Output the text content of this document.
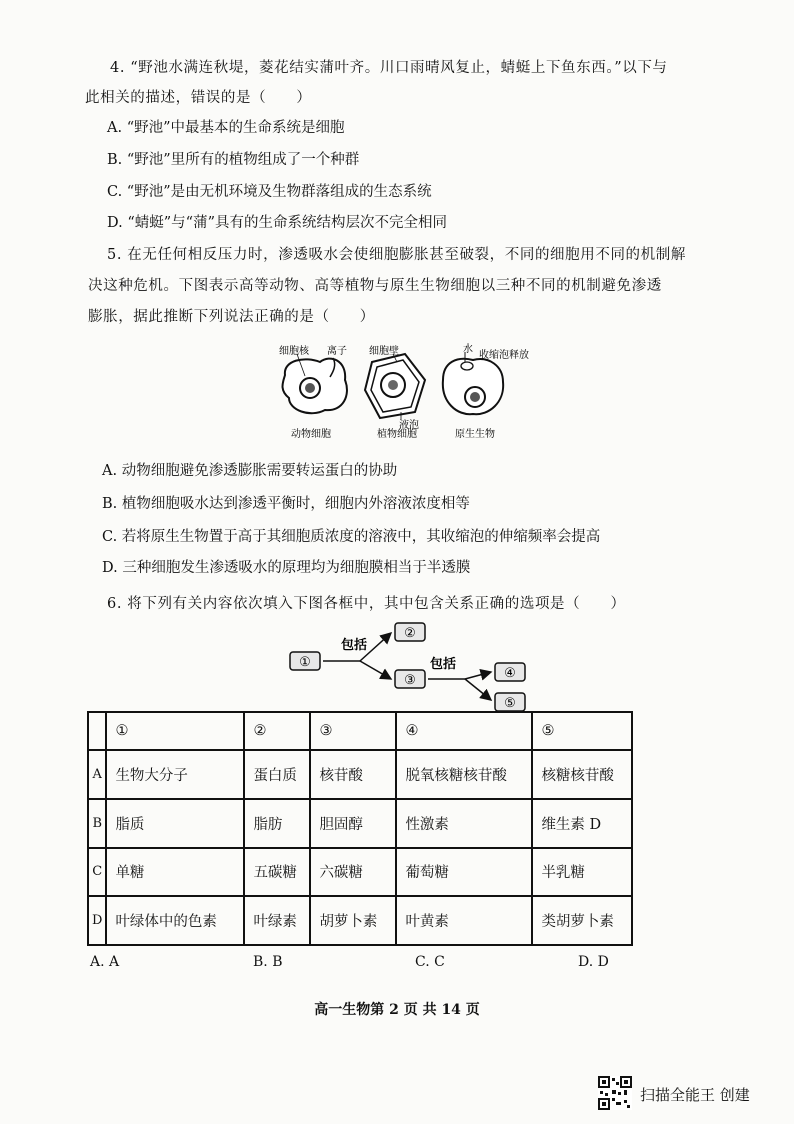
4. “野池水满连秋堤，菱花结实蒲叶齐。川口雨晴风复止，蜻蜓上下鱼东西。”以下与
此相关的描述，错误的是（　　）
A. “野池”中最基本的生命系统是细胞
B. “野池”里所有的植物组成了一个种群
C. “野池”是由无机环境及生物群落组成的生态系统
D. “蜻蜓”与“蒲”具有的生命系统结构层次不完全相同
5. 在无任何相反压力时，渗透吸水会使细胞膨胀甚至破裂，不同的细胞用不同的机制解
决这种危机。下图表示高等动物、高等植物与原生生物细胞以三种不同的机制避免渗透
膨胀，据此推断下列说法正确的是（　　）
细胞核 离子
动物细胞
细胞壁
液泡
植物细胞
水
收缩泡释放
原生生物
A. 动物细胞避免渗透膨胀需要转运蛋白的协助
B. 植物细胞吸水达到渗透平衡时，细胞内外溶液浓度相等
C. 若将原生生物置于高于其细胞质浓度的溶液中，其收缩泡的伸缩频率会提高
D. 三种细胞发生渗透吸水的原理均为细胞膜相当于半透膜
6. 将下列有关内容依次填入下图各框中，其中包含关系正确的选项是（　　）
①
②
③	④
⑤
包括
包括
	①	②	③	④	⑤
A	生物大分子	蛋白质	核苷酸	脱氧核糖核苷酸	核糖核苷酸
B	脂质	脂肪	胆固醇	性激素	维生素 D
C	单糖	五碳糖	六碳糖	葡萄糖	半乳糖
D	叶绿体中的色素	叶绿素	胡萝卜素	叶黄素	类胡萝卜素
A. A	B. B	C. C	D. D
高一生物第 2 页 共 14 页
扫描全能王 创建
